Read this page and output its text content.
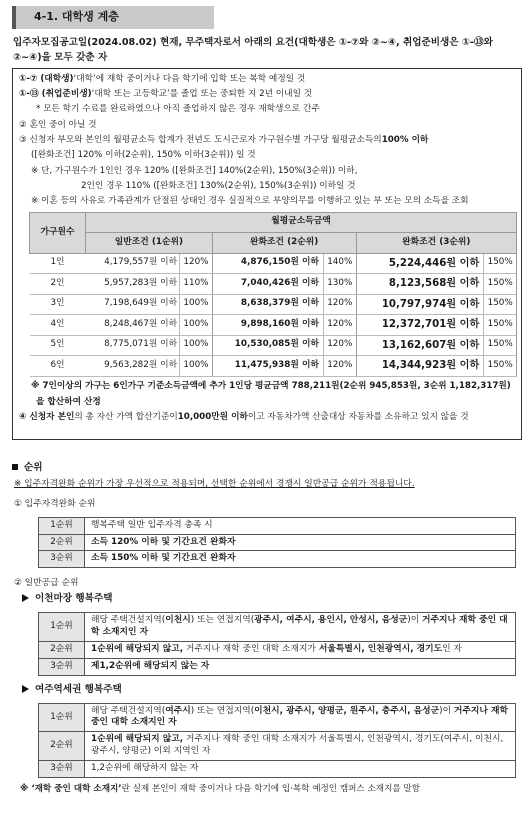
4-1. 대학생 계층
입주자모집공고일(2024.08.02) 현재, 무주택자로서 아래의 요건(대학생은 ①-⑦와 ②~④, 취업준비생은 ①-⑬와
②~④)을 모두 갖춘 자
①-⑦ (대학생) ‘대학’에 재학 중이거나 다음 학기에 입학 또는 복학 예정일 것
①-⑬ (취업준비생) ‘대학 또는 고등학교’를 졸업 또는 중퇴한 지 2년 이내일 것
* 모든 학기 수료를 완료하였으나 아직 졸업하지 않은 경우 재학생으로 간주
② 혼인 중이 아닐 것
③ 신청자 부모와 본인의 월평균소득 합계가 전년도 도시근로자 가구원수별 가구당 월평균소득의 100% 이하
([완화조건] 120% 이하(2순위), 150% 이하(3순위)) 일 것
※ 단, 가구원수가 1인인 경우 120% ([완화조건] 140%(2순위), 150%(3순위)) 이하,
2인인 경우 110% ([완화조건] 130%(2순위), 150%(3순위)) 이하일 것
※ 이혼 등의 사유로 가족관계가 단절된 상태인 경우 실질적으로 부양의무를 이행하고 있는 부 또는 모의 소득을 조회
가구원수	월평균소득금액					
	일반조건 (1순위)		완화조건 (2순위)		완화조건 (3순위)	
1인	4,179,557원 이하	120%	4,876,150원 이하	140%	5,224,446원 이하	150%
2인	5,957,283원 이하	110%	7,040,426원 이하	130%	8,123,568원 이하	150%
3인	7,198,649원 이하	100%	8,638,379원 이하	120%	10,797,974원 이하	150%
4인	8,248,467원 이하	100%	9,898,160원 이하	120%	12,372,701원 이하	150%
5인	8,775,071원 이하	100%	10,530,085원 이하	120%	13,162,607원 이하	150%
6인	9,563,282원 이하	100%	11,475,938원 이하	120%	14,344,923원 이하	150%
※ 7인이상의 가구는 6인가구 기준소득금액에 추가 1인당 평균금액 788,211원(2순위 945,853원, 3순위 1,182,317원)
을 합산하여 산정
④ 신청자 본인 의 총 자산 가액 합산기준이 10,000만원 이하 이고 자동차가액 산출대상 자동차를 소유하고 있지 않을 것
순위
※ 입주자격완화 순위가 가장 우선적으로 적용되며, 선택한 순위에서 경쟁시 일반공급 순위가 적용됩니다.
① 입주자격완화 순위
1순위	행복주택 일반 입주자격 충족 시
2순위	소득 120% 이하 및 기간요건 완화자
3순위	소득 150% 이하 및 기간요건 완화자
② 일반공급 순위
이천마장 행복주택
1순위	해당 주택건설지역(이천시) 또는 연접지역(광주시, 여주시, 용인시, 안성시, 음성군)이 거주지나 재학 중인 대학 소재지인 자
2순위	1순위에 해당되지 않고, 거주지나 재학 중인 대학 소재지가 서울특별시, 인천광역시, 경기도인 자
3순위	제1,2순위에 해당되지 않는 자
여주역세권 행복주택
1순위	해당 주택건설지역(여주시) 또는 연접지역(이천시, 광주시, 양평군, 원주시, 충주시, 음성군)이 거주지나 재학 중인 대학 소재지인 자
2순위	1순위에 해당되지 않고, 거주지나 재학 중인 대학 소재지가 서울특별시, 인천광역시, 경기도(여주시, 이천시, 광주시, 양평군) 이외 지역인 자
3순위	1,2순위에 해당하지 않는 자
※ ‘재학 중인 대학 소재지’란 실제 본인이 재학 중이거나 다음 학기에 입·복학 예정인 캠퍼스 소재지를 말함
